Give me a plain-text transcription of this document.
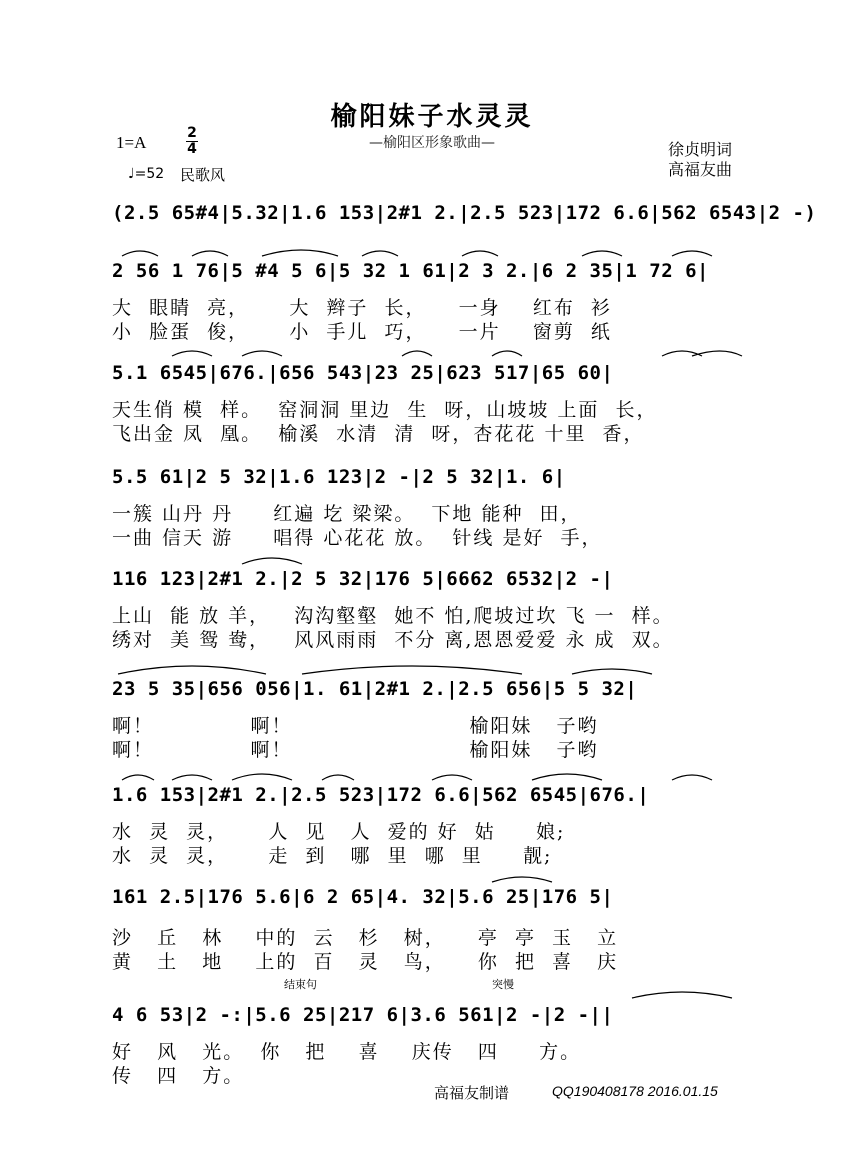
榆阳妹子水灵灵
—榆阳区形象歌曲—
1=A	2
4
♩=52 民歌风
徐贞明词
高福友曲
(2.5 65#4|5.32|1.6 153|2#1 2.|2.5 523|172 6.6|562 6543|2 -)
2 56 1 76|5 #4 5 6|5 32 1 61|2 3 2.|6 2 35|1 72 6|
大  眼睛  亮，     大  辫子  长，    一身    红布  衫
小  脸蛋  俊，     小  手儿  巧，    一片    窗剪  纸
5.1 6545|676.|656 543|23 25|623 517|65 60|
天生俏 模  样。  窑洞洞 里边  生  呀，山坡坡 上面  长，
飞出金 凤  凰。  榆溪  水清  清  呀，杏花花 十里  香，
5.5 61|2 5 32|1.6 123|2 -|2 5 32|1. 6|
一簇 山丹 丹     红遍 圪 梁梁。  下地 能种  田，
一曲 信天 游     唱得 心花花 放。  针线 是好  手，
116 123|2#1 2.|2 5 32|176 5|6662 6532|2 -|
上山  能 放 羊，   沟沟壑壑  她不 怕,爬坡过坎 飞 一  样。
绣对  美 鸳 鸯，   风风雨雨  不分 离,恩恩爱爱 永 成  双。
23 5 35|656 056|1. 61|2#1 2.|2.5 656|5 5 32|
啊！            啊！                      榆阳妹   子哟
啊！            啊！                      榆阳妹   子哟
1.6 153|2#1 2.|2.5 523|172 6.6|562 6545|676.|
水  灵  灵，     人  见   人  爱的 好  姑     娘;
水  灵  灵，     走  到   哪  里  哪  里     靓;
161 2.5|176 5.6|6 2 65|4. 32|5.6 25|176 5|
沙   丘   林    中的  云   杉   树，    亭  亭  玉   立
黄   土   地    上的  百   灵   鸟，    你  把  喜   庆
结束句	突慢
4 6 53|2 -:|5.6 25|217 6|3.6 561|2 -|2 -||
好   风   光。  你   把    喜    庆传   四     方。
传   四   方。
高福友制谱	QQ190408178 2016.01.15
